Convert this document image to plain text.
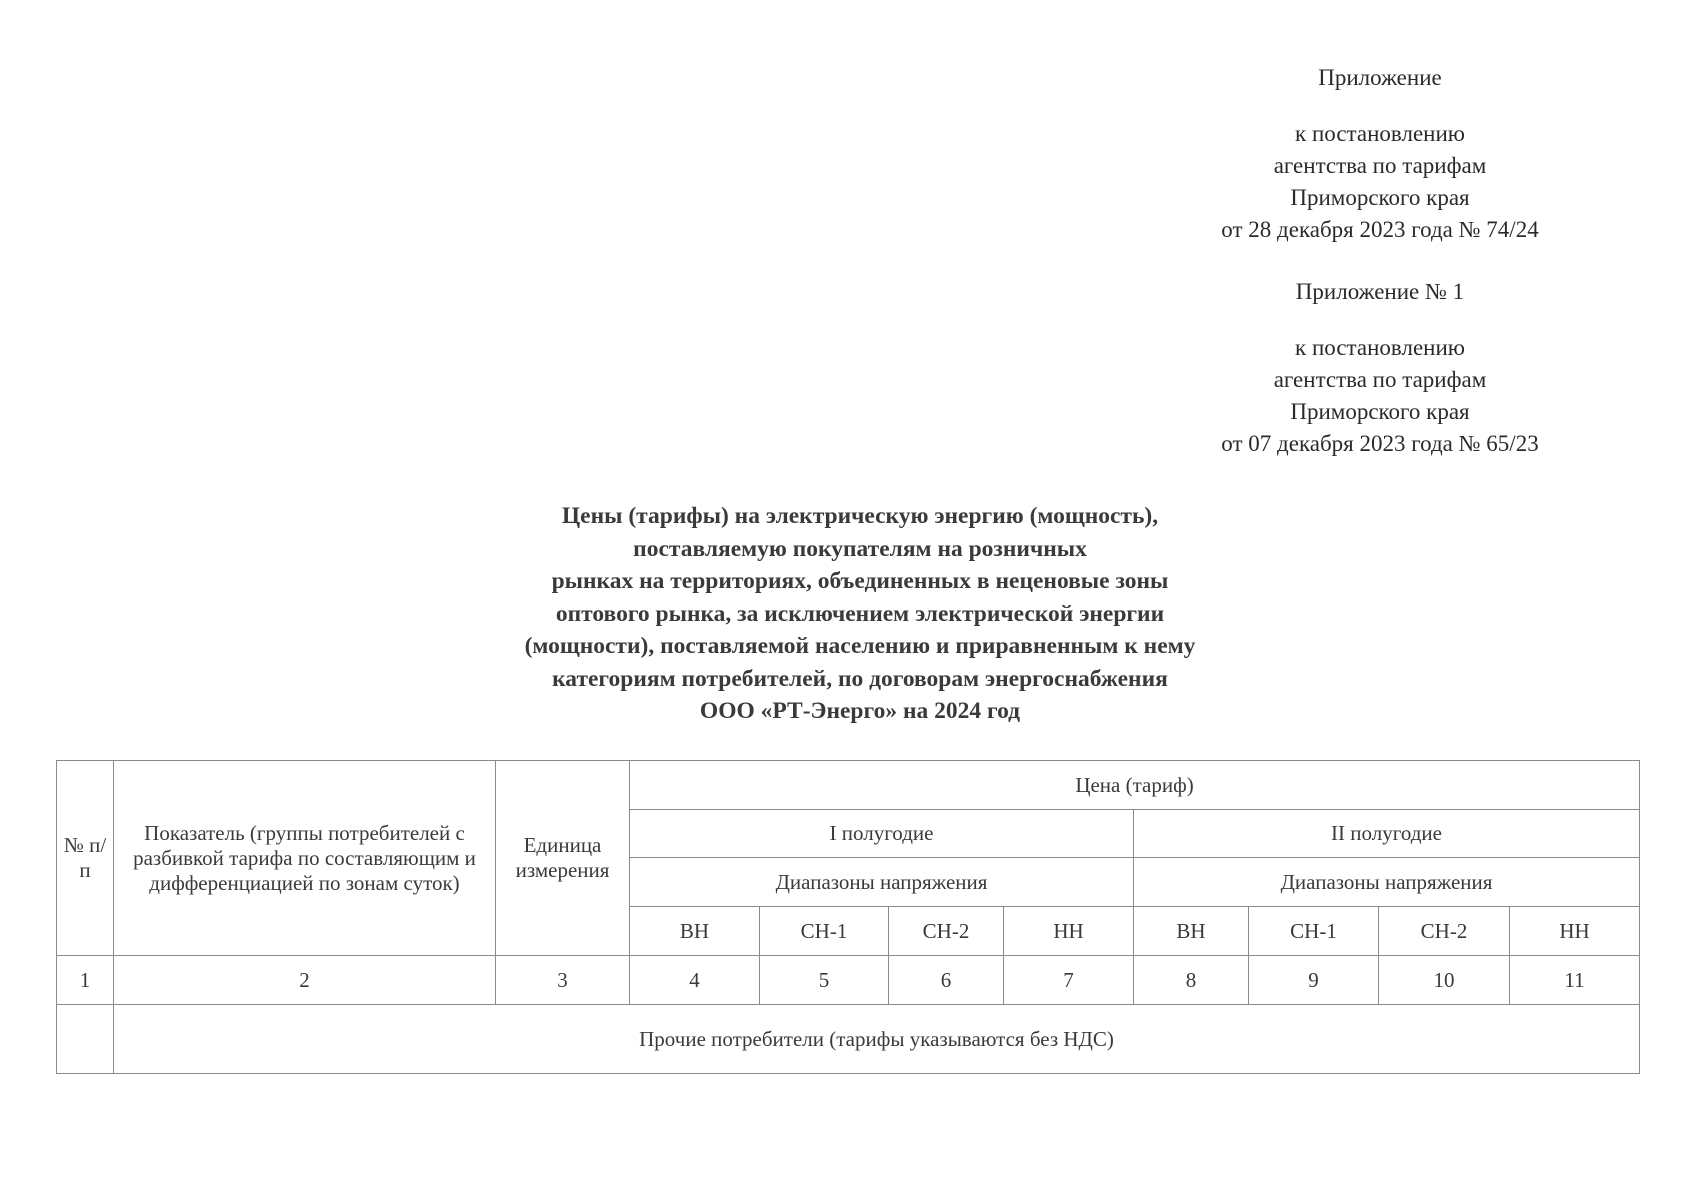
Приложение
к постановлению
агентства по тарифам
Приморского края
от 28 декабря 2023 года № 74/24
Приложение № 1
к постановлению
агентства по тарифам
Приморского края
от 07 декабря 2023 года № 65/23
Цены (тарифы) на электрическую энергию (мощность),
поставляемую покупателям на розничных
рынках на территориях, объединенных в неценовые зоны
оптового рынка, за исключением электрической энергии
(мощности), поставляемой населению и приравненным к нему
категориям потребителей, по договорам энергоснабжения
ООО «РТ-Энерго» на 2024 год
№ п/п	Показатель (группы потребителей с разбивкой тарифа по составляющим и дифференциацией по зонам суток)	Единица измерения	Цена (тариф)							
			I полугодие				II полугодие			
			Диапазоны напряжения				Диапазоны напряжения			
			ВН	СН-1	СН-2	НН	ВН	СН-1	СН-2	НН
1	2	3	4	5	6	7	8	9	10	11
	Прочие потребители (тарифы указываются без НДС)									
